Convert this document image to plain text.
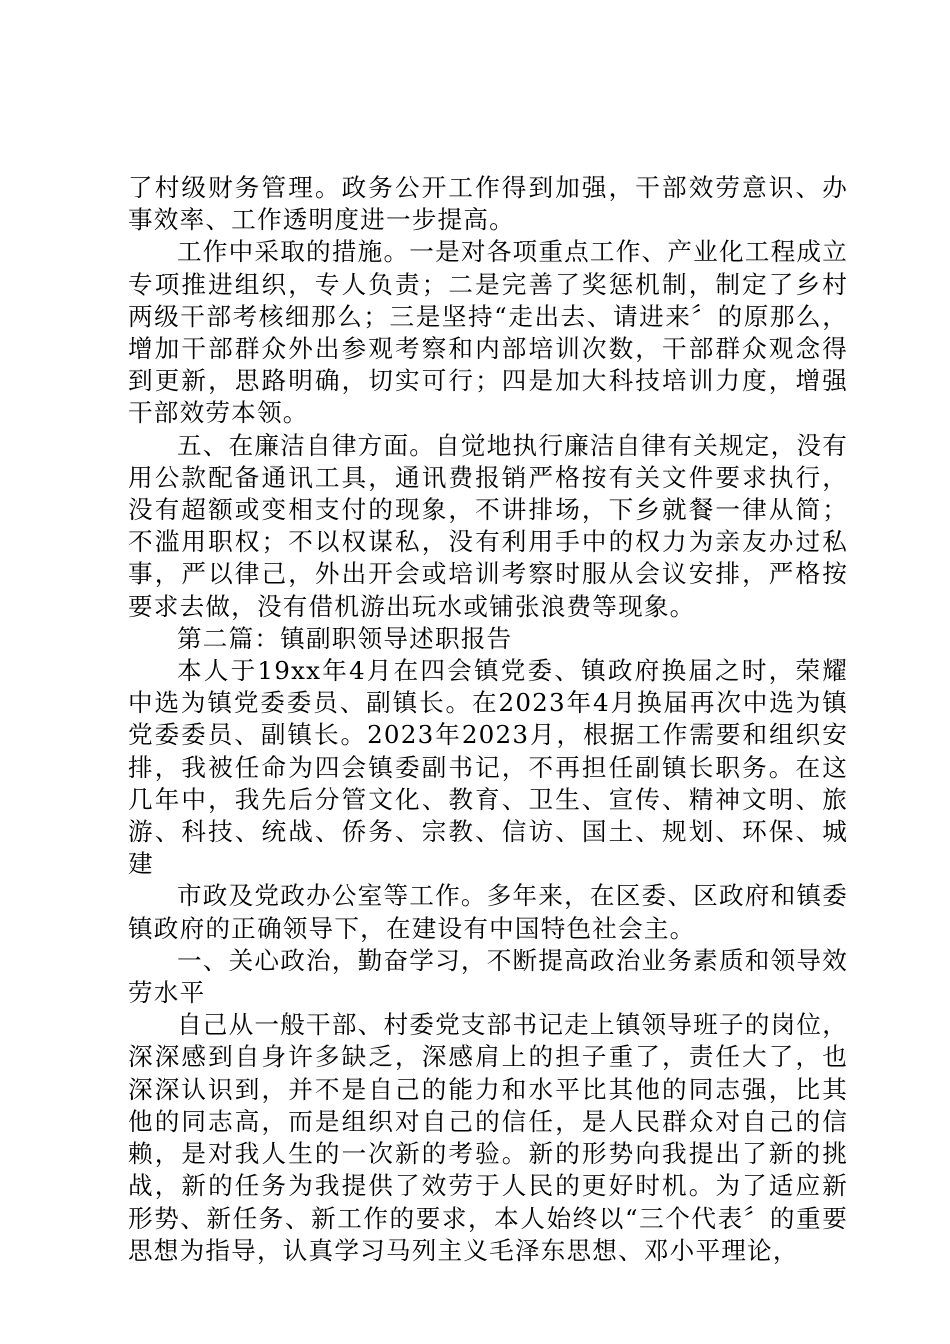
了村级财务管理。政务公开工作得到加强，干部效劳意识、办事效率、工作透明度进一步提高。

工作中采取的措施。一是对各项重点工作、产业化工程成立专项推进组织，专人负责；二是完善了奖惩机制，制定了乡村两级干部考核细那么；三是坚持“走出去、请进来〞的原那么，增加干部群众外出参观考察和内部培训次数，干部群众观念得到更新，思路明确，切实可行；四是加大科技培训力度，增强干部效劳本领。

五、在廉洁自律方面。自觉地执行廉洁自律有关规定，没有用公款配备通讯工具，通讯费报销严格按有关文件要求执行，没有超额或变相支付的现象，不讲排场，下乡就餐一律从简；不滥用职权；不以权谋私，没有利用手中的权力为亲友办过私事，严以律己，外出开会或培训考察时服从会议安排，严格按要求去做，没有借机游出玩水或铺张浪费等现象。

第二篇：镇副职领导述职报告

本人于19xx年4月在四会镇党委、镇政府换届之时，荣耀中选为镇党委委员、副镇长。在2023年4月换届再次中选为镇党委委员、副镇长。2023年2023月，根据工作需要和组织安排，我被任命为四会镇委副书记，不再担任副镇长职务。在这几年中，我先后分管文化、教育、卫生、宣传、精神文明、旅游、科技、统战、侨务、宗教、信访、国土、规划、环保、城建

市政及党政办公室等工作。多年来，在区委、区政府和镇委镇政府的正确领导下，在建设有中国特色社会主。

一、关心政治，勤奋学习，不断提高政治业务素质和领导效劳水平

自己从一般干部、村委党支部书记走上镇领导班子的岗位，深深感到自身许多缺乏，深感肩上的担子重了，责任大了，也深深认识到，并不是自己的能力和水平比其他的同志强，比其他的同志高，而是组织对自己的信任，是人民群众对自己的信赖，是对我人生的一次新的考验。新的形势向我提出了新的挑战，新的任务为我提供了效劳于人民的更好时机。为了适应新形势、新任务、新工作的要求，本人始终以“三个代表〞的重要思想为指导，认真学习马列主义毛泽东思想、邓小平理论，
